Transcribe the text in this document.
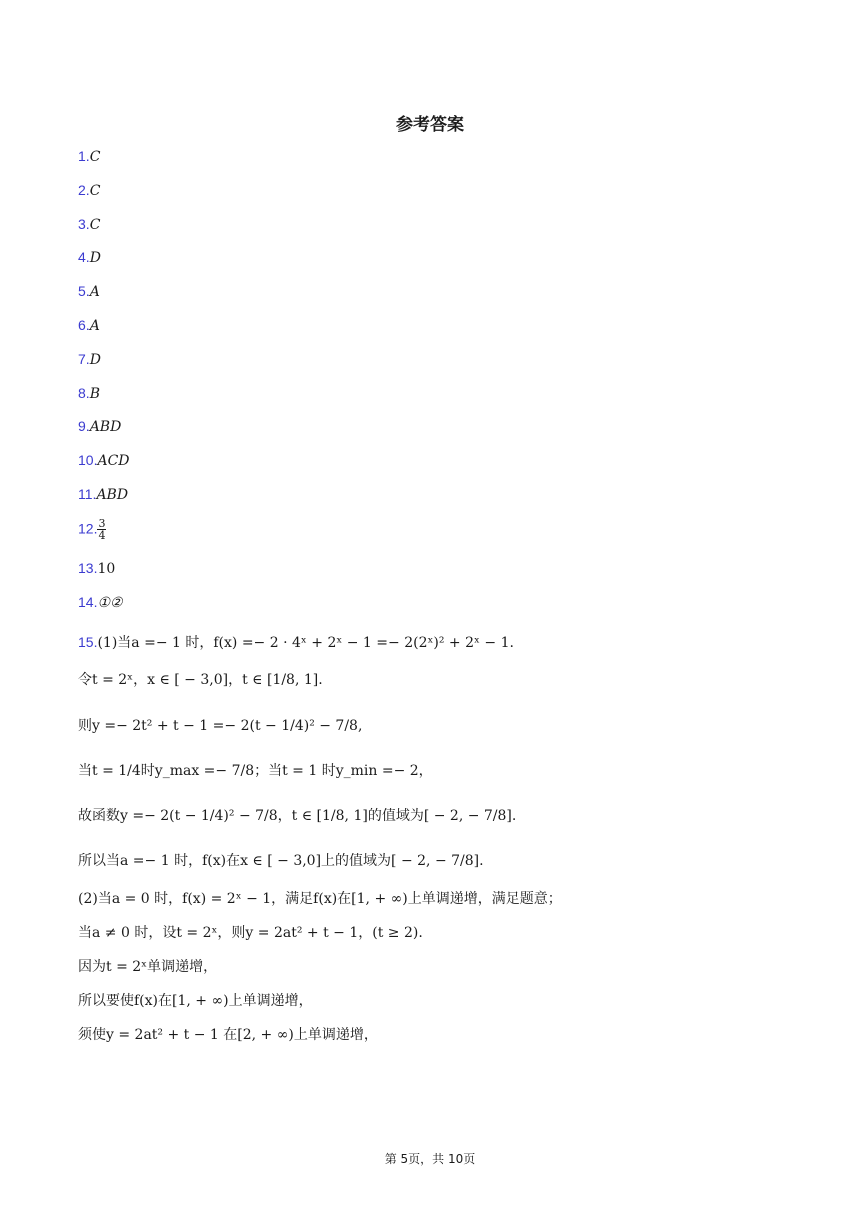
参考答案
1.C
2.C
3.C
4.D
5.A
6.A
7.D
8.B
9.ABD
10.ACD
11.ABD
12. $\frac{3}{4}$
13.10
14.①②
15.(1)当a =− 1 时，f(x) =− 2 · 4ˣ + 2ˣ − 1 =− 2(2ˣ)² + 2ˣ − 1.
令t = 2ˣ，x ∈ [ − 3,0]，t ∈ [1/8, 1].
则y =− 2t² + t − 1 =− 2(t − 1/4)² − 7/8,
当t = 1/4时y_max =− 7/8；当t = 1 时y_min =− 2，
故函数y =− 2(t − 1/4)² − 7/8，t ∈ [1/8, 1]的值域为[ − 2, − 7/8].
所以当a =− 1 时，f(x)在x ∈ [ − 3,0]上的值域为[ − 2, − 7/8].
(2)当a = 0 时，f(x) = 2ˣ − 1，满足f(x)在[1, + ∞)上单调递增，满足题意；
当a ≠ 0 时，设t = 2ˣ，则y = 2at² + t − 1，(t ≥ 2).
因为t = 2ˣ单调递增，
所以要使f(x)在[1, + ∞)上单调递增，
须使y = 2at² + t − 1 在[2, + ∞)上单调递增，
第 5页，共 10页
